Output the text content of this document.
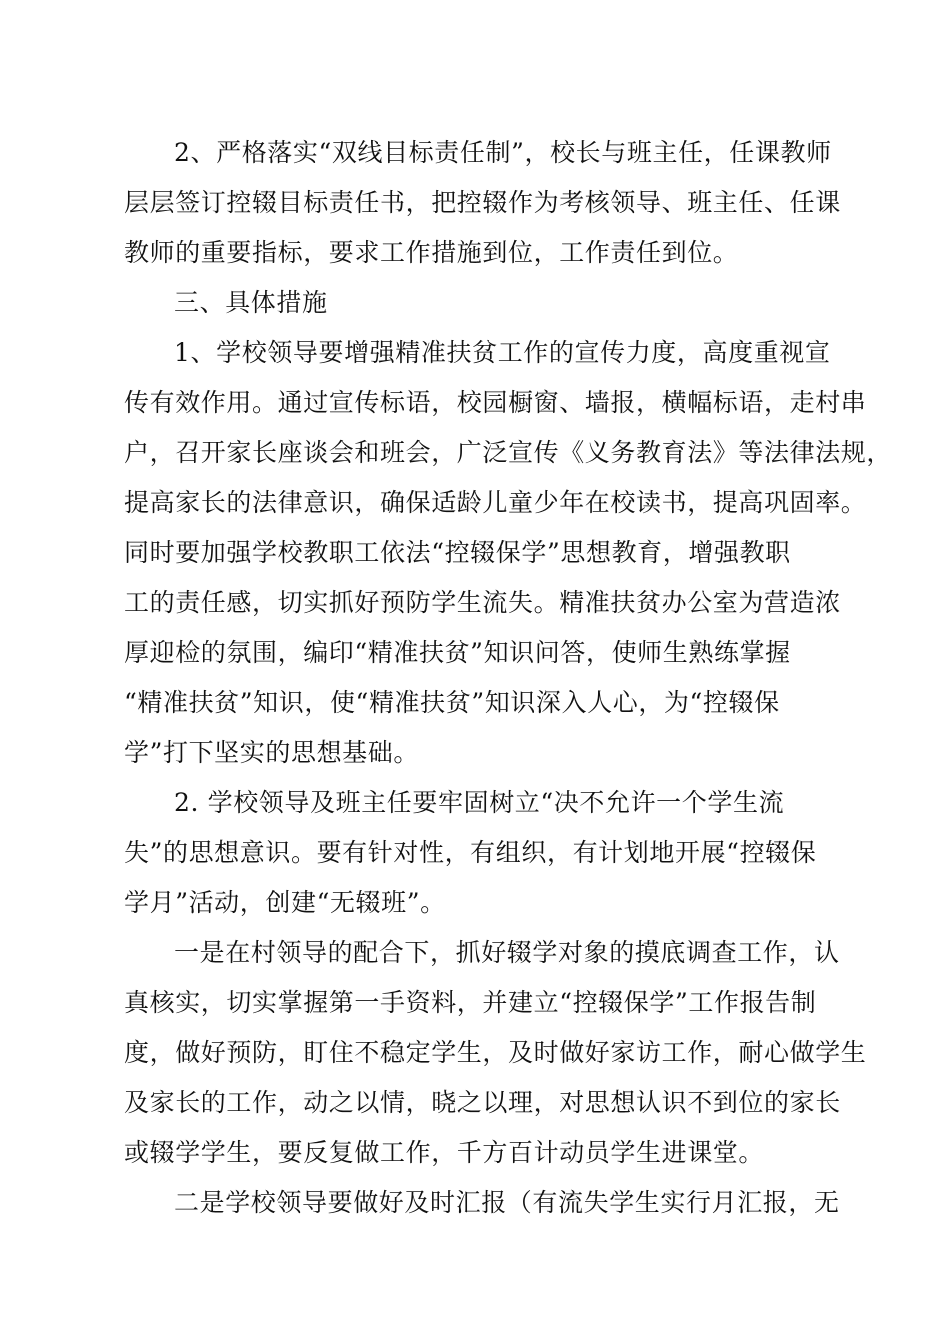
2、严格落实“双线目标责任制”，校长与班主任，任课教师
层层签订控辍目标责任书，把控辍作为考核领导、班主任、任课
教师的重要指标，要求工作措施到位，工作责任到位。
三、具体措施
1、学校领导要增强精准扶贫工作的宣传力度，高度重视宣
传有效作用。通过宣传标语，校园橱窗、墙报，横幅标语，走村串
户，召开家长座谈会和班会，广泛宣传《义务教育法》等法律法规，
提高家长的法律意识，确保适龄儿童少年在校读书，提高巩固率。
同时要加强学校教职工依法“控辍保学”思想教育，增强教职
工的责任感，切实抓好预防学生流失。精准扶贫办公室为营造浓
厚迎检的氛围，编印“精准扶贫”知识问答，使师生熟练掌握
“精准扶贫”知识，使“精准扶贫”知识深入人心，为“控辍保
学”打下坚实的思想基础。
2. 学校领导及班主任要牢固树立“决不允许一个学生流
失”的思想意识。要有针对性，有组织，有计划地开展“控辍保
学月”活动，创建“无辍班”。
一是在村领导的配合下，抓好辍学对象的摸底调查工作，认
真核实，切实掌握第一手资料，并建立“控辍保学”工作报告制
度，做好预防，盯住不稳定学生，及时做好家访工作，耐心做学生
及家长的工作，动之以情，晓之以理，对思想认识不到位的家长
或辍学学生，要反复做工作，千方百计动员学生进课堂。
二是学校领导要做好及时汇报（有流失学生实行月汇报，无
